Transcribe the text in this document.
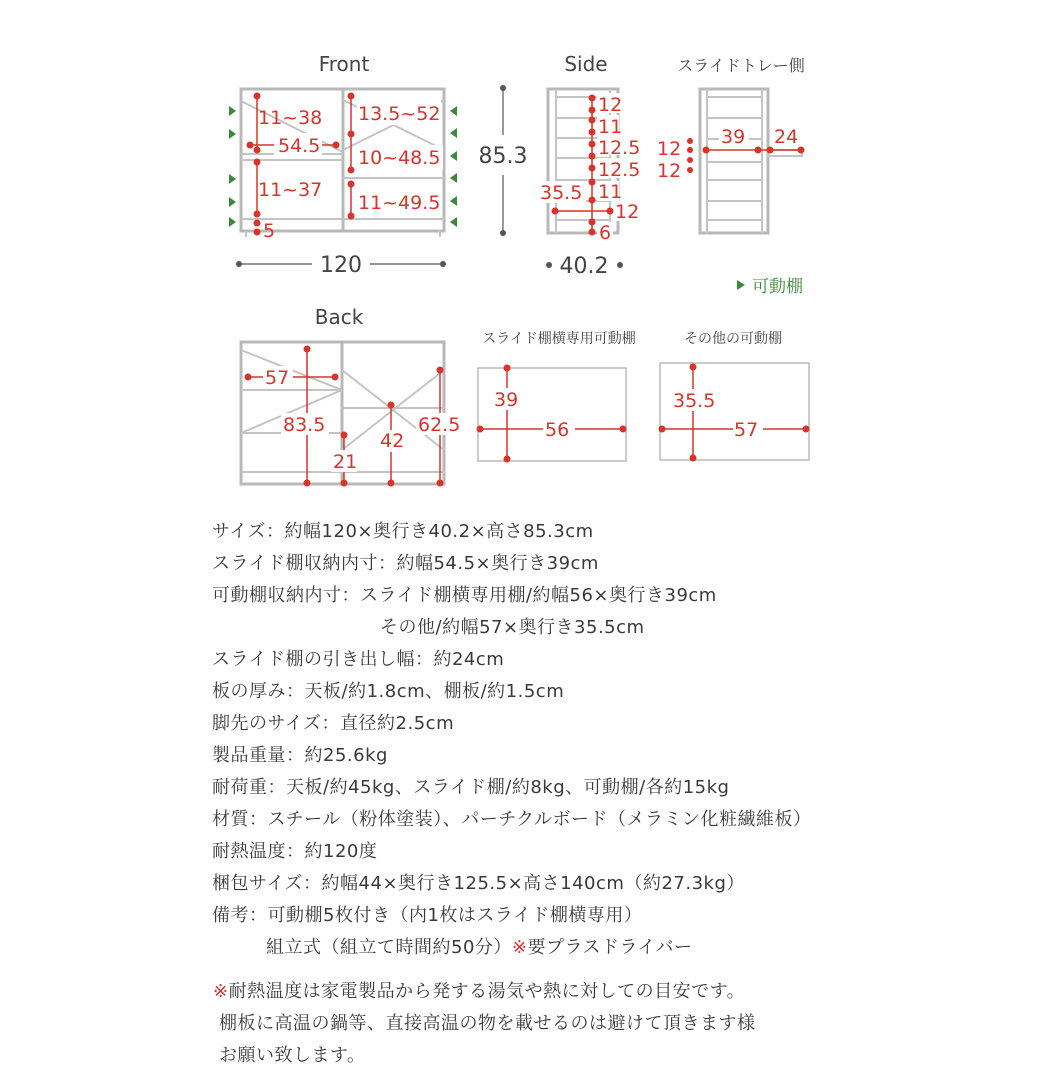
Front
11~38
54.5
11~37
5
13.5~52
10~48.5
11~49.5
120
85.3
Side
12
11
12.5
12.5
35.5 11
12
6
40.2
スライドトレー側
12
12
39 24
可動棚
Back
57
83.5
21
42
62.5
スライド棚横専用可動棚
39
56
その他の可動棚
35.5
57
サイズ：約幅120×奥行き40.2×高さ85.3cm
スライド棚収納内寸：約幅54.5×奥行き39cm
可動棚収納内寸：スライド棚横専用棚/約幅56×奥行き39cm
その他/約幅57×奥行き35.5cm
スライド棚の引き出し幅：約24cm
板の厚み：天板/約1.8cm、棚板/約1.5cm
脚先のサイズ：直径約2.5cm
製品重量：約25.6kg
耐荷重：天板/約45kg、スライド棚/約8kg、可動棚/各約15kg
材質：スチール（粉体塗装）、パーチクルボード（メラミン化粧繊維板）
耐熱温度：約120度
梱包サイズ：約幅44×奥行き125.5×高さ140cm（約27.3kg）
備考：可動棚5枚付き（内1枚はスライド棚横専用）
組立式（組立て時間約50分）※要プラスドライバー
※耐熱温度は家電製品から発する湯気や熱に対しての目安です。
棚板に高温の鍋等、直接高温の物を載せるのは避けて頂きます様
お願い致します。
